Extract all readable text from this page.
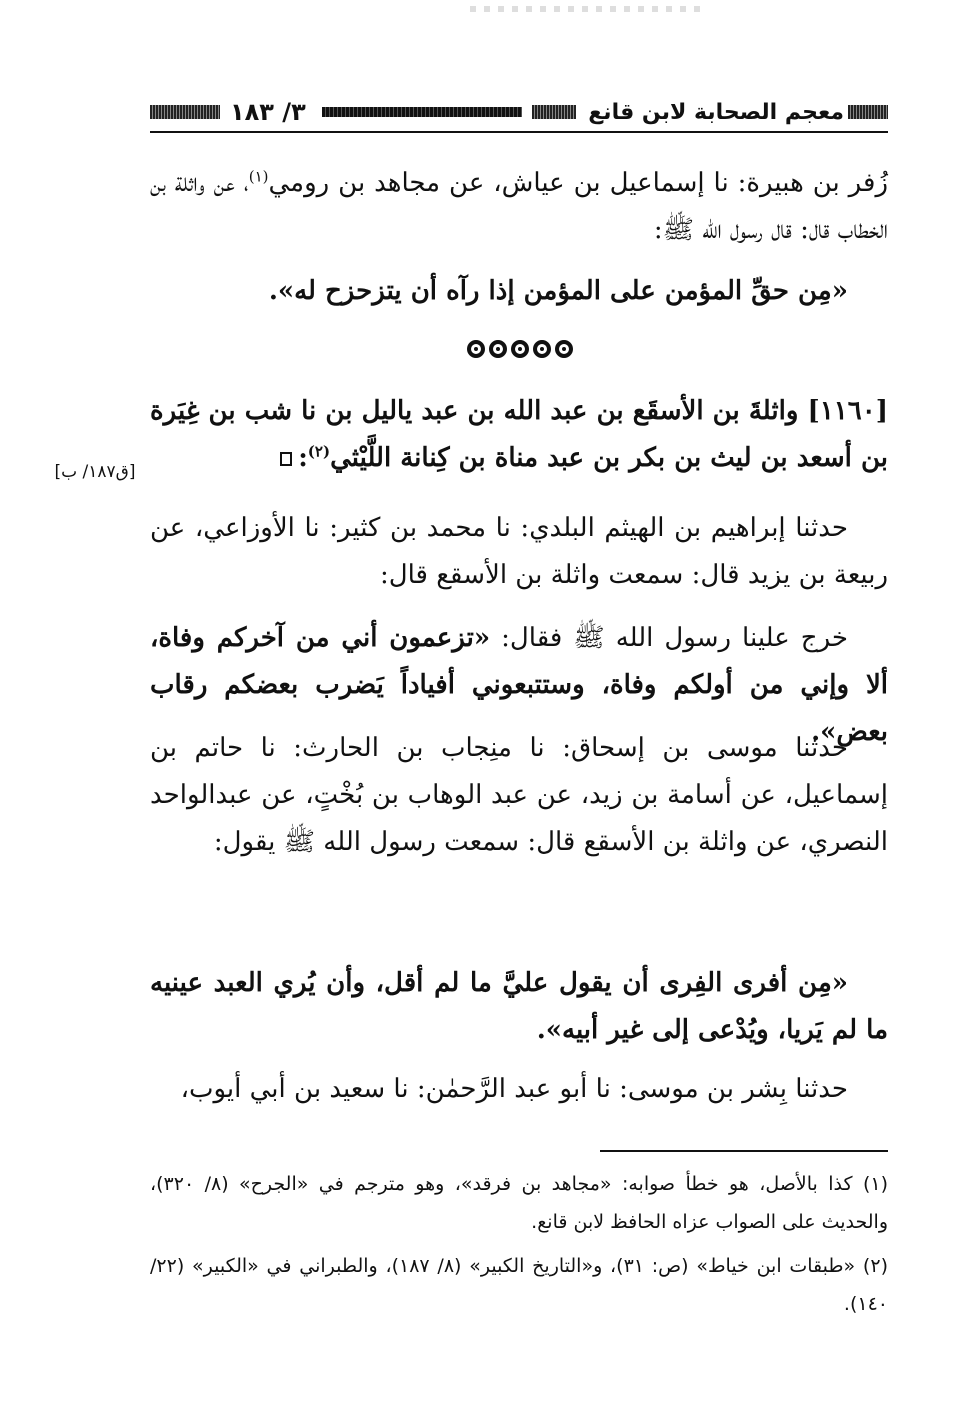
معجم الصحابة لابن قانع
٣/ ١٨٣
زُفر بن هبيرة: نا إسماعيل بن عياش، عن مجاهد بن رومي$^{(١)}$، عن واثلة بن الخطاب قال: قال رسول الله ﷺ:
«مِن حقِّ المؤمن على المؤمن إذا رآه أن يتزحزح له».
[١١٦٠] واثلةَ بن الأسقَع بن عبد الله بن عبد ياليل بن نا شب بن غِيَرة بن أسعد بن ليث بن بكر بن عبد مناة بن كِنانة اللَّيْثي$^{(٢)}$:
[ق١٨٧/ ب]
حدثنا إبراهيم بن الهيثم البلدي: نا محمد بن كثير: نا الأوزاعي، عن ربيعة بن يزيد قال: سمعت واثلة بن الأسقع قال:
خرج علينا رسول الله ﷺ فقال: «تزعمون أني من آخركم وفاة، ألا وإني من أولكم وفاة، وستتبعوني أفياداً يَضرب بعضكم رقاب بعض».
حدثنا موسى بن إسحاق: نا منِجاب بن الحارث: نا حاتم بن إسماعيل، عن أسامة بن زيد، عن عبد الوهاب بن بُخْتٍ، عن عبدالواحد النصري، عن واثلة بن الأسقع قال: سمعت رسول الله ﷺ يقول:
«مِن أفرى الفِرى أن يقول عليَّ ما لم أقل، وأن يُري العبد عينيه ما لم يَريا، ويُدْعى إلى غير أبيه».
حدثنا بِشر بن موسى: نا أبو عبد الرَّحمٰن: نا سعيد بن أبي أيوب،
(١) كذا بالأصل، هو خطأ صوابه: «مجاهد بن فرقد»، وهو مترجم في «الجرح» (٨/ ٣٢٠)، والحديث على الصواب عزاه الحافظ لابن قانع.
(٢) «طبقات ابن خياط» (ص: ٣١)، و«التاريخ الكبير» (٨/ ١٨٧)، والطبراني في «الكبير» (٢٢/ ١٤٠).
